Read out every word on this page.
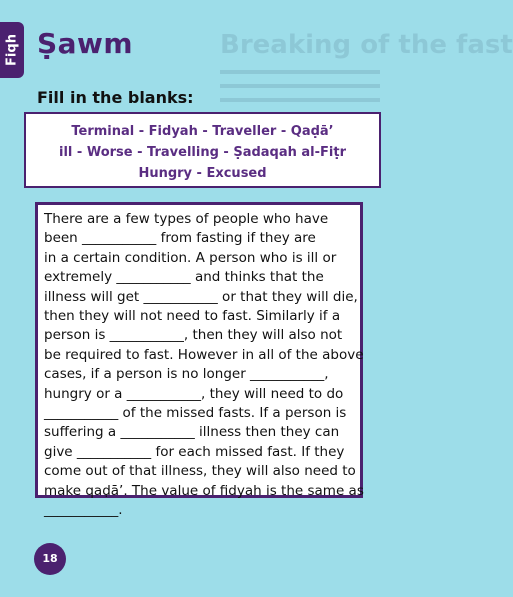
Breaking of the fast
Fiqh Ṣawm
Fill in the blanks:
Terminal - Fidyah - Traveller - Qaḍā’
ill - Worse - Travelling - Ṣadaqah al-Fiṭr
Hungry - Excused
There are a few types of people who have
been ___________ from fasting if they are
in a certain condition. A person who is ill or
extremely ___________ and thinks that the
illness will get ___________ or that they will die,
then they will not need to fast. Similarly if a
person is ___________, then they will also not
be required to fast. However in all of the above
cases, if a person is no longer ___________,
hungry or a ___________, they will need to do
___________ of the missed fasts. If a person is
suffering a ___________ illness then they can
give ___________ for each missed fast. If they
come out of that illness, they will also need to
make qaḍā’. The value of fidyah is the same as
___________.
18
